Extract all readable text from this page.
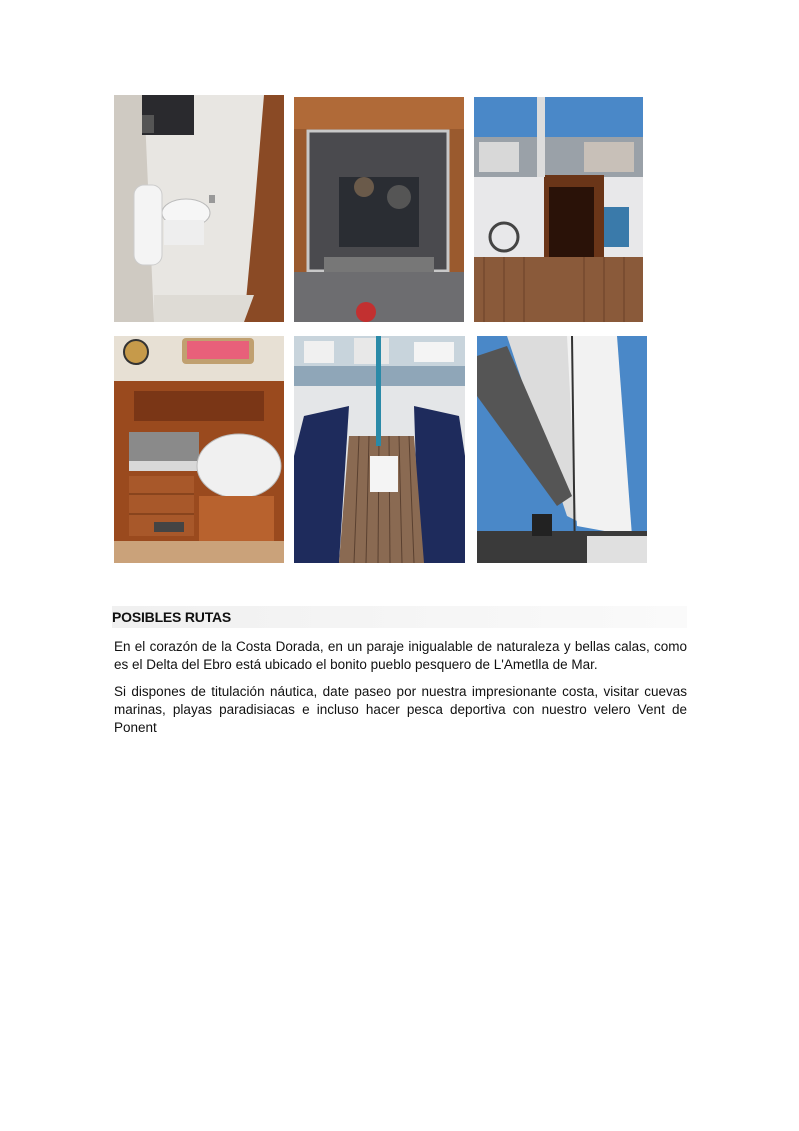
POSIBLES RUTAS

En el corazón de la Costa Dorada, en un paraje inigualable de naturaleza y bellas calas, como es el Delta del Ebro está ubicado el bonito pueblo pesquero de L'Ametlla de Mar.

Si dispones de titulación náutica, date paseo por nuestra impresionante costa, visitar cuevas marinas, playas paradisiacas e incluso hacer pesca deportiva con nuestro velero Vent de Ponent
